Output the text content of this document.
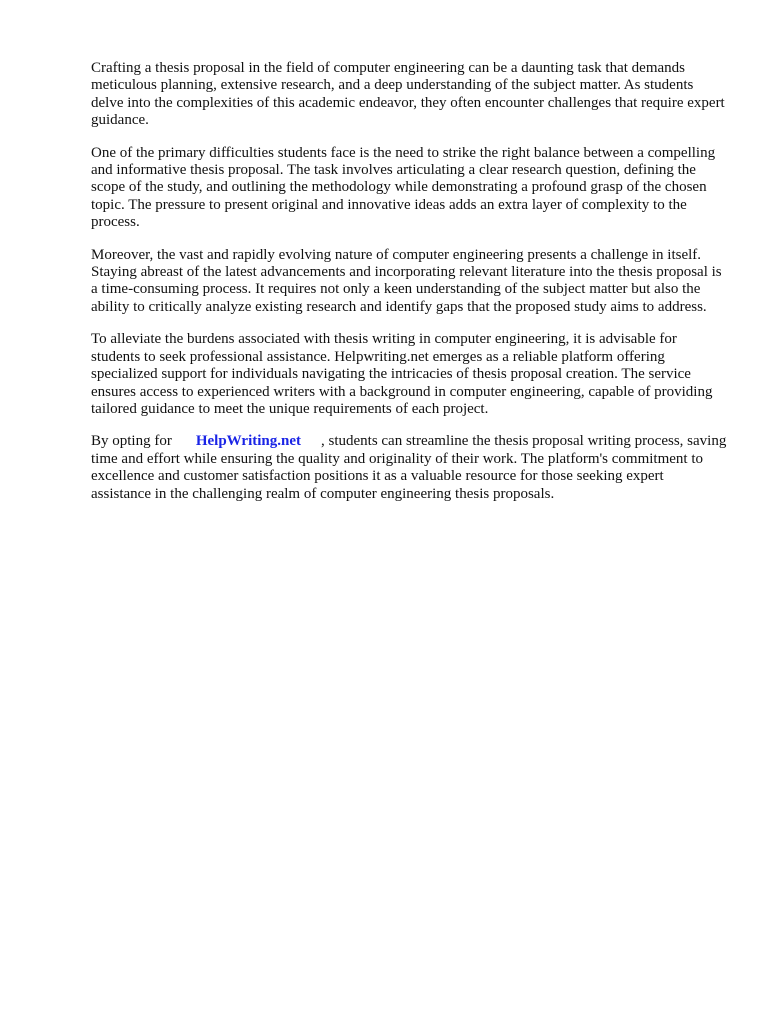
Crafting a thesis proposal in the field of computer engineering can be a daunting task that demands meticulous planning, extensive research, and a deep understanding of the subject matter. As students delve into the complexities of this academic endeavor, they often encounter challenges that require expert guidance.

One of the primary difficulties students face is the need to strike the right balance between a compelling and informative thesis proposal. The task involves articulating a clear research question, defining the scope of the study, and outlining the methodology while demonstrating a profound grasp of the chosen topic. The pressure to present original and innovative ideas adds an extra layer of complexity to the process.

Moreover, the vast and rapidly evolving nature of computer engineering presents a challenge in itself. Staying abreast of the latest advancements and incorporating relevant literature into the thesis proposal is a time-consuming process. It requires not only a keen understanding of the subject matter but also the ability to critically analyze existing research and identify gaps that the proposed study aims to address.

To alleviate the burdens associated with thesis writing in computer engineering, it is advisable for students to seek professional assistance. Helpwriting.net emerges as a reliable platform offering specialized support for individuals navigating the intricacies of thesis proposal creation. The service ensures access to experienced writers with a background in computer engineering, capable of providing tailored guidance to meet the unique requirements of each project.

By opting for HelpWriting.net , students can streamline the thesis proposal writing process, saving time and effort while ensuring the quality and originality of their work. The platform's commitment to excellence and customer satisfaction positions it as a valuable resource for those seeking expert assistance in the challenging realm of computer engineering thesis proposals.
